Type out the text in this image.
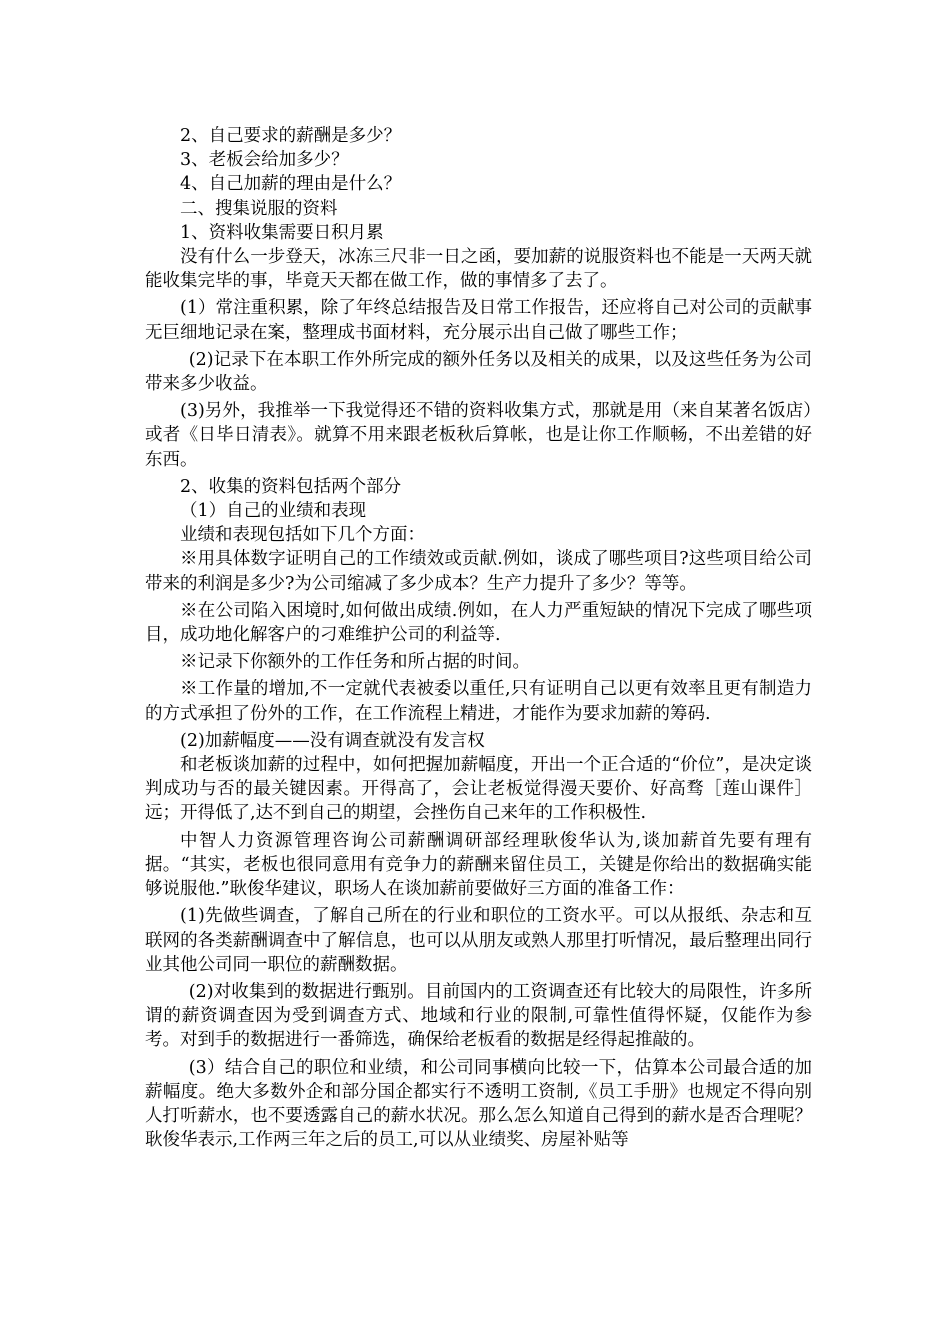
2、自己要求的薪酬是多少？

3、老板会给加多少？

4、自己加薪的理由是什么？

二、搜集说服的资料

1、资料收集需要日积月累

没有什么一步登天，冰冻三尺非一日之函，要加薪的说服资料也不能是一天两天就能收集完毕的事，毕竟天天都在做工作，做的事情多了去了。

(1）常注重积累，除了年终总结报告及日常工作报告，还应将自己对公司的贡献事无巨细地记录在案，整理成书面材料，充分展示出自己做了哪些工作；

(2)记录下在本职工作外所完成的额外任务以及相关的成果，以及这些任务为公司带来多少收益。

(3)另外，我推举一下我觉得还不错的资料收集方式，那就是用（来自某著名饭店）或者《日毕日清表》。就算不用来跟老板秋后算帐，也是让你工作顺畅，不出差错的好东西。

2、收集的资料包括两个部分

（1）自己的业绩和表现

业绩和表现包括如下几个方面：

※用具体数字证明自己的工作绩效或贡献.例如，谈成了哪些项目?这些项目给公司带来的利润是多少?为公司缩减了多少成本？生产力提升了多少？等等。

※在公司陷入困境时,如何做出成绩.例如，在人力严重短缺的情况下完成了哪些项目，成功地化解客户的刁难维护公司的利益等.

※记录下你额外的工作任务和所占据的时间。

※工作量的增加,不一定就代表被委以重任,只有证明自己以更有效率且更有制造力的方式承担了份外的工作，在工作流程上精进，才能作为要求加薪的筹码.

(2)加薪幅度——没有调查就没有发言权

和老板谈加薪的过程中，如何把握加薪幅度，开出一个正合适的“价位”，是决定谈判成功与否的最关键因素。开得高了，会让老板觉得漫天要价、好高骛［莲山课件］远；开得低了,达不到自己的期望，会挫伤自己来年的工作积极性.

中智人力资源管理咨询公司薪酬调研部经理耿俊华认为,谈加薪首先要有理有据。“其实，老板也很同意用有竞争力的薪酬来留住员工，关键是你给出的数据确实能够说服他.”耿俊华建议，职场人在谈加薪前要做好三方面的准备工作：

(1)先做些调查，了解自己所在的行业和职位的工资水平。可以从报纸、杂志和互联网的各类薪酬调查中了解信息，也可以从朋友或熟人那里打听情况，最后整理出同行业其他公司同一职位的薪酬数据。

(2)对收集到的数据进行甄别。目前国内的工资调查还有比较大的局限性，许多所谓的薪资调查因为受到调查方式、地域和行业的限制,可靠性值得怀疑，仅能作为参考。对到手的数据进行一番筛选，确保给老板看的数据是经得起推敲的。

(3）结合自己的职位和业绩，和公司同事横向比较一下，估算本公司最合适的加薪幅度。绝大多数外企和部分国企都实行不透明工资制,《员工手册》也规定不得向别人打听薪水，也不要透露自己的薪水状况。那么怎么知道自己得到的薪水是否合理呢？耿俊华表示,工作两三年之后的员工,可以从业绩奖、房屋补贴等
